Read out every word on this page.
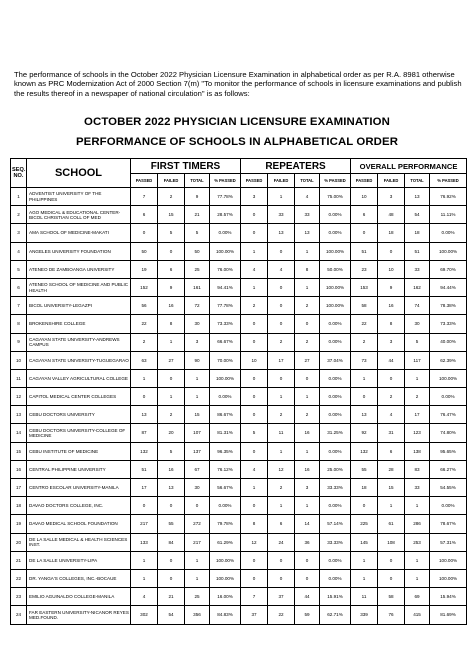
The performance of schools in the October 2022 Physician Licensure Examination in alphabetical order as per R.A. 8981 otherwise known as PRC Modernization Act of 2000 Section 7(m) "To monitor the performance of schools in licensure examinations and publish the results thereof in a newspaper of national circulation" is as follows:
OCTOBER 2022 PHYSICIAN LICENSURE EXAMINATION
PERFORMANCE OF SCHOOLS IN ALPHABETICAL ORDER
SEQ.
NO.	SCHOOL	FIRST TIMERS				REPEATERS				OVERALL PERFORMANCE			
		PASSED	FAILED	TOTAL	% PASSED	PASSED	FAILED	TOTAL	% PASSED	PASSED	FAILED	TOTAL	% PASSED
1	ADVENTIST UNIVERSITY OF THE PHILIPPINES	7	2	9	77.78%	3	1	4	75.00%	10	3	13	76.92%
2	AGO MEDICAL & EDUCATIONAL CENTER-BICOL CHRISTIAN COLL OF MED	6	15	21	28.57%	0	33	33	0.00%	6	48	54	11.11%
3	AMA SCHOOL OF MEDICINE-MAKATI	0	5	5	0.00%	0	13	13	0.00%	0	18	18	0.00%
4	ANGELES UNIVERSITY FOUNDATION	50	0	50	100.00%	1	0	1	100.00%	51	0	51	100.00%
5	ATENEO DE ZAMBOANGA UNIVERSITY	19	6	25	76.00%	4	4	8	50.00%	23	10	33	69.70%
6	ATENEO SCHOOL OF MEDICINE AND PUBLIC HEALTH	152	9	161	94.41%	1	0	1	100.00%	153	9	162	94.44%
7	BICOL UNIVERSITY-LEGAZPI	56	16	72	77.78%	2	0	2	100.00%	58	16	74	78.38%
8	BROKENSHIRE COLLEGE	22	8	30	73.33%	0	0	0	0.00%	22	8	30	73.33%
9	CAGAYAN STATE UNIVERSITY-ANDREWS CAMPUS	2	1	3	66.67%	0	2	2	0.00%	2	3	5	40.00%
10	CAGAYAN STATE UNIVERSITY-TUGUEGARAO	63	27	90	70.00%	10	17	27	37.04%	73	44	117	62.39%
11	CAGAYAN VALLEY AGRICULTURAL COLLEGE	1	0	1	100.00%	0	0	0	0.00%	1	0	1	100.00%
12	CAPITOL MEDICAL CENTER COLLEGES	0	1	1	0.00%	0	1	1	0.00%	0	2	2	0.00%
13	CEBU DOCTORS UNIVERSITY	13	2	15	86.67%	0	2	2	0.00%	13	4	17	76.47%
14	CEBU DOCTORS UNIVERSITY-COLLEGE OF MEDICINE	87	20	107	81.31%	5	11	16	31.25%	92	31	123	74.80%
15	CEBU INSTITUTE OF MEDICINE	132	5	137	96.35%	0	1	1	0.00%	132	6	138	95.65%
16	CENTRAL PHILIPPINE UNIVERSITY	51	16	67	76.12%	4	12	16	25.00%	55	28	83	66.27%
17	CENTRO ESCOLAR UNIVERSITY-MANILA	17	13	30	56.67%	1	2	3	33.33%	18	15	33	54.55%
18	DAVAO DOCTORS COLLEGE, INC.	0	0	0	0.00%	0	1	1	0.00%	0	1	1	0.00%
19	DAVAO MEDICAL SCHOOL FOUNDATION	217	55	272	79.78%	8	6	14	57.14%	225	61	286	78.67%
20	DE LA SALLE MEDICAL & HEALTH SCIENCES INST.	133	84	217	61.29%	12	24	36	33.33%	145	108	253	57.31%
21	DE LA SALLE UNIVERSITY-LIPA	1	0	1	100.00%	0	0	0	0.00%	1	0	1	100.00%
22	DR. YANGA'S COLLEGES, INC.-BOCAUE	1	0	1	100.00%	0	0	0	0.00%	1	0	1	100.00%
23	EMILIO AGUINALDO COLLEGE-MANILA	4	21	25	16.00%	7	37	44	15.91%	11	58	69	15.94%
24	FAR EASTERN UNIVERSITY-NICANOR REYES MED.FOUND.	302	54	356	84.83%	37	22	59	62.71%	339	76	415	81.69%
